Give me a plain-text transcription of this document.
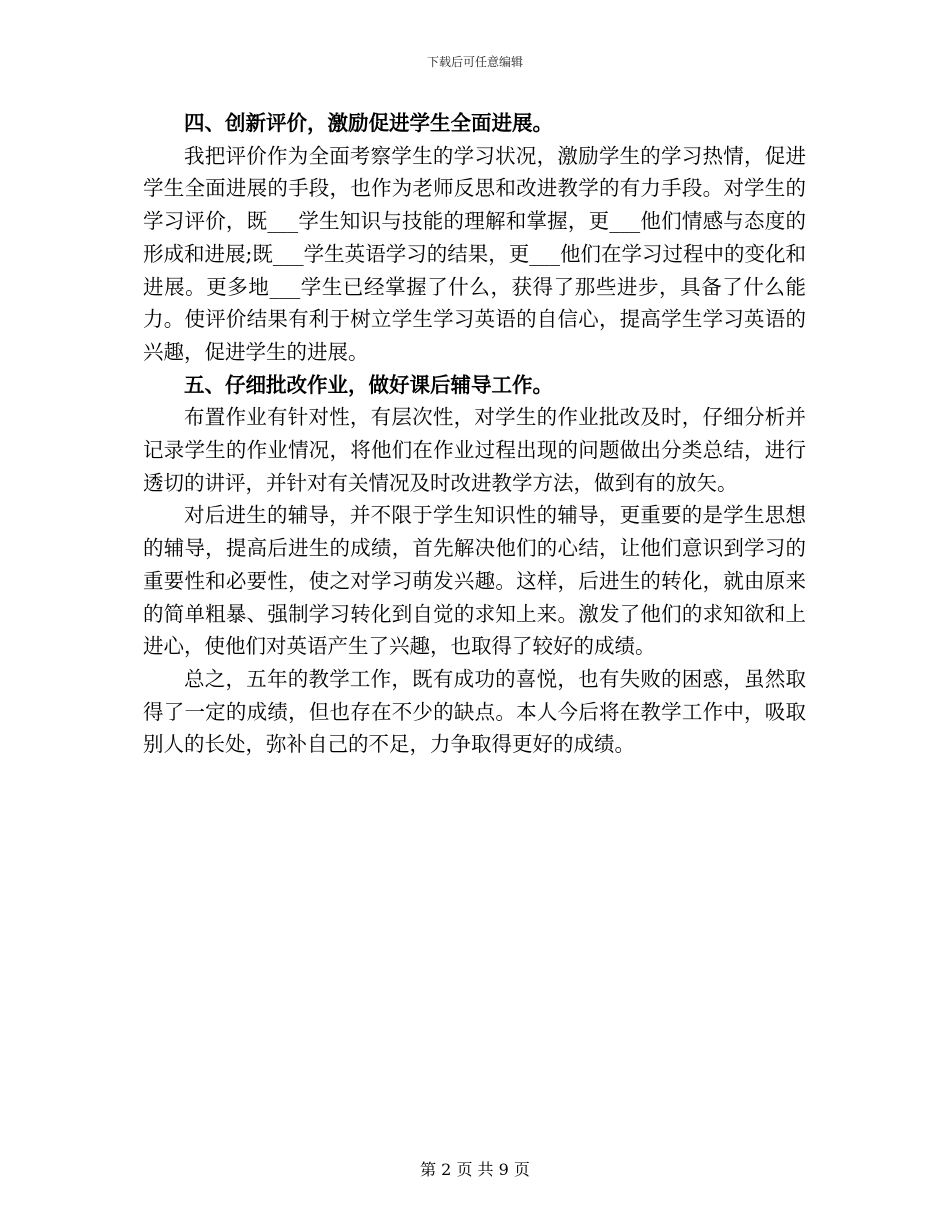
下载后可任意编辑
四、创新评价，激励促进学生全面进展。

我把评价作为全面考察学生的学习状况，激励学生的学习热情，促进学生全面进展的手段，也作为老师反思和改进教学的有力手段。对学生的学习评价，既___学生知识与技能的理解和掌握，更___他们情感与态度的形成和进展;既___学生英语学习的结果，更___他们在学习过程中的变化和进展。更多地___学生已经掌握了什么，获得了那些进步，具备了什么能力。使评价结果有利于树立学生学习英语的自信心，提高学生学习英语的兴趣，促进学生的进展。

五、仔细批改作业，做好课后辅导工作。

布置作业有针对性，有层次性，对学生的作业批改及时，仔细分析并记录学生的作业情况，将他们在作业过程出现的问题做出分类总结，进行透切的讲评，并针对有关情况及时改进教学方法，做到有的放矢。

对后进生的辅导，并不限于学生知识性的辅导，更重要的是学生思想的辅导，提高后进生的成绩，首先解决他们的心结，让他们意识到学习的重要性和必要性，使之对学习萌发兴趣。这样，后进生的转化，就由原来的简单粗暴、强制学习转化到自觉的求知上来。激发了他们的求知欲和上进心，使他们对英语产生了兴趣，也取得了较好的成绩。

总之，五年的教学工作，既有成功的喜悦，也有失败的困惑，虽然取得了一定的成绩，但也存在不少的缺点。本人今后将在教学工作中，吸取别人的长处，弥补自己的不足，力争取得更好的成绩。

第 2 页 共 9 页
